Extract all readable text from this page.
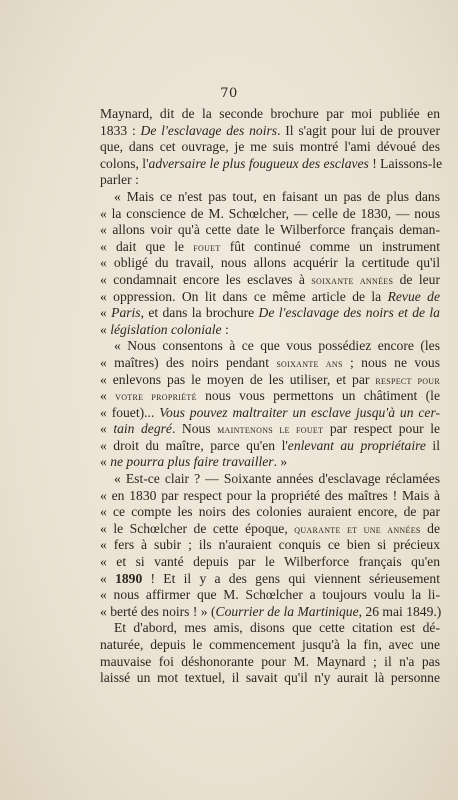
70
Maynard, dit de la seconde brochure par moi publiée en
1833 : De l'esclavage des noirs. Il s'agit pour lui de prouver
que, dans cet ouvrage, je me suis montré l'ami dévoué des
colons, l'adversaire le plus fougueux des esclaves ! Laissons-le
parler :
« Mais ce n'est pas tout, en faisant un pas de plus dans
« la conscience de M. Schœlcher, — celle de 1830, — nous
« allons voir qu'à cette date le Wilberforce français deman-
« dait que le fouet fût continué comme un instrument
« obligé du travail, nous allons acquérir la certitude qu'il
« condamnait encore les esclaves à soixante années de leur
« oppression. On lit dans ce même article de la Revue de
« Paris, et dans la brochure De l'esclavage des noirs et de la
« législation coloniale :
« Nous consentons à ce que vous possédiez encore (les
« maîtres) des noirs pendant soixante ans ; nous ne vous
« enlevons pas le moyen de les utiliser, et par respect pour
« votre propriété nous vous permettons un châtiment (le
« fouet)... Vous pouvez maltraiter un esclave jusqu'à un cer-
« tain degré. Nous maintenons le fouet par respect pour le
« droit du maître, parce qu'en l'enlevant au propriétaire il
« ne pourra plus faire travailler. »
« Est-ce clair ? — Soixante années d'esclavage réclamées
« en 1830 par respect pour la propriété des maîtres ! Mais à
« ce compte les noirs des colonies auraient encore, de par
« le Schœlcher de cette époque, quarante et une années de
« fers à subir ; ils n'auraient conquis ce bien si précieux
« et si vanté depuis par le Wilberforce français qu'en
« 1890 ! Et il y a des gens qui viennent sérieusement
« nous affirmer que M. Schœlcher a toujours voulu la li-
« berté des noirs ! » (Courrier de la Martinique, 26 mai 1849.)
Et d'abord, mes amis, disons que cette citation est dé-
naturée, depuis le commencement jusqu'à la fin, avec une
mauvaise foi déshonorante pour M. Maynard ; il n'a pas
laissé un mot textuel, il savait qu'il n'y aurait là personne
